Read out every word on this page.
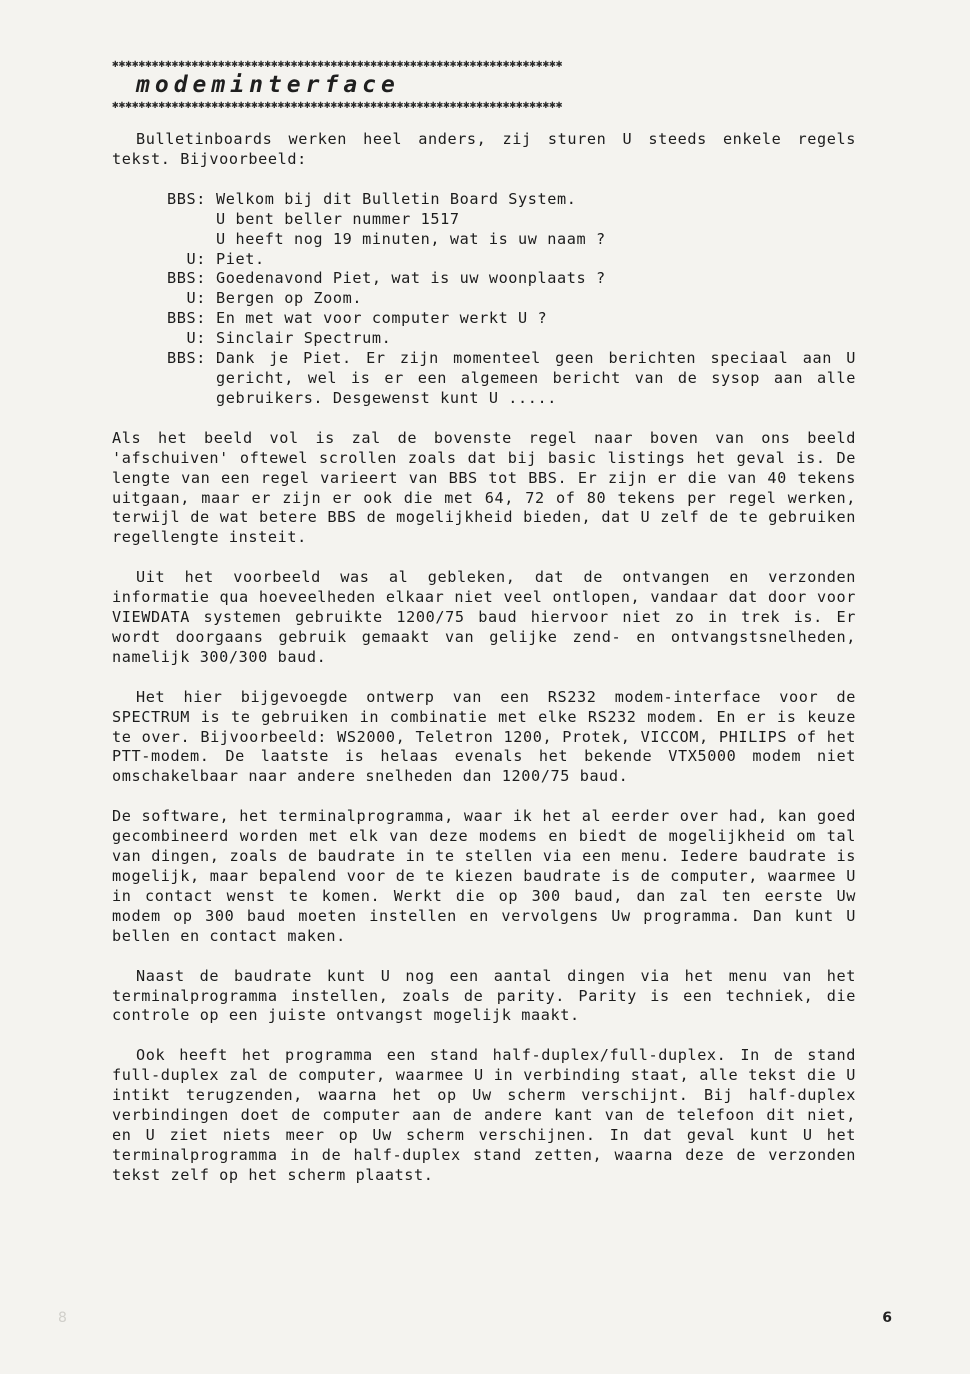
✱✱✱✱✱✱✱✱✱✱✱✱✱✱✱✱✱✱✱✱✱✱✱✱✱✱✱✱✱✱✱✱✱✱✱✱✱✱✱✱✱✱✱✱✱✱✱✱✱✱✱✱✱✱✱✱✱✱✱✱✱✱✱✱✱✱✱✱
modeminterface
✱✱✱✱✱✱✱✱✱✱✱✱✱✱✱✱✱✱✱✱✱✱✱✱✱✱✱✱✱✱✱✱✱✱✱✱✱✱✱✱✱✱✱✱✱✱✱✱✱✱✱✱✱✱✱✱✱✱✱✱✱✱✱✱✱✱✱✱

Bulletinboards werken heel anders, zij sturen U steeds enkele regels tekst. Bijvoorbeeld:

BBS: Welkom bij dit Bulletin Board System.
U bent beller nummer 1517
U heeft nog 19 minuten, wat is uw naam ?
U: Piet.
BBS: Goedenavond Piet, wat is uw woonplaats ?
U: Bergen op Zoom.
BBS: En met wat voor computer werkt U ?
U: Sinclair Spectrum.
BBS: Dank je Piet. Er zijn momenteel geen berichten speciaal aan U gericht, wel is er een algemeen bericht van de sysop aan alle gebruikers. Desgewenst kunt U .....

Als het beeld vol is zal de bovenste regel naar boven van ons beeld 'afschuiven' oftewel scrollen zoals dat bij basic listings het geval is. De lengte van een regel varieert van BBS tot BBS. Er zijn er die van 40 tekens uitgaan, maar er zijn er ook die met 64, 72 of 80 tekens per regel werken, terwijl de wat betere BBS de mogelijkheid bieden, dat U zelf de te gebruiken regellengte insteit.

Uit het voorbeeld was al gebleken, dat de ontvangen en verzonden informatie qua hoeveelheden elkaar niet veel ontlopen, vandaar dat door voor VIEWDATA systemen gebruikte 1200/75 baud hiervoor niet zo in trek is. Er wordt doorgaans gebruik gemaakt van gelijke zend- en ontvangstsnelheden, namelijk 300/300 baud.

Het hier bijgevoegde ontwerp van een RS232 modem-interface voor de SPECTRUM is te gebruiken in combinatie met elke RS232 modem. En er is keuze te over. Bijvoorbeeld: WS2000, Teletron 1200, Protek, VICCOM, PHILIPS of het PTT-modem. De laatste is helaas evenals het bekende VTX5000 modem niet omschakelbaar naar andere snelheden dan 1200/75 baud.

De software, het terminalprogramma, waar ik het al eerder over had, kan goed gecombineerd worden met elk van deze modems en biedt de mogelijkheid om tal van dingen, zoals de baudrate in te stellen via een menu. Iedere baudrate is mogelijk, maar bepalend voor de te kiezen baudrate is de computer, waarmee U in contact wenst te komen. Werkt die op 300 baud, dan zal ten eerste Uw modem op 300 baud moeten instellen en vervolgens Uw programma. Dan kunt U bellen en contact maken.

Naast de baudrate kunt U nog een aantal dingen via het menu van het terminalprogramma instellen, zoals de parity. Parity is een techniek, die controle op een juiste ontvangst mogelijk maakt.

Ook heeft het programma een stand half-duplex/full-duplex. In de stand full-duplex zal de computer, waarmee U in verbinding staat, alle tekst die U intikt terugzenden, waarna het op Uw scherm verschijnt. Bij half-duplex verbindingen doet de computer aan de andere kant van de telefoon dit niet, en U ziet niets meer op Uw scherm verschijnen. In dat geval kunt U het terminalprogramma in de half-duplex stand zetten, waarna deze de verzonden tekst zelf op het scherm plaatst.

8	6
